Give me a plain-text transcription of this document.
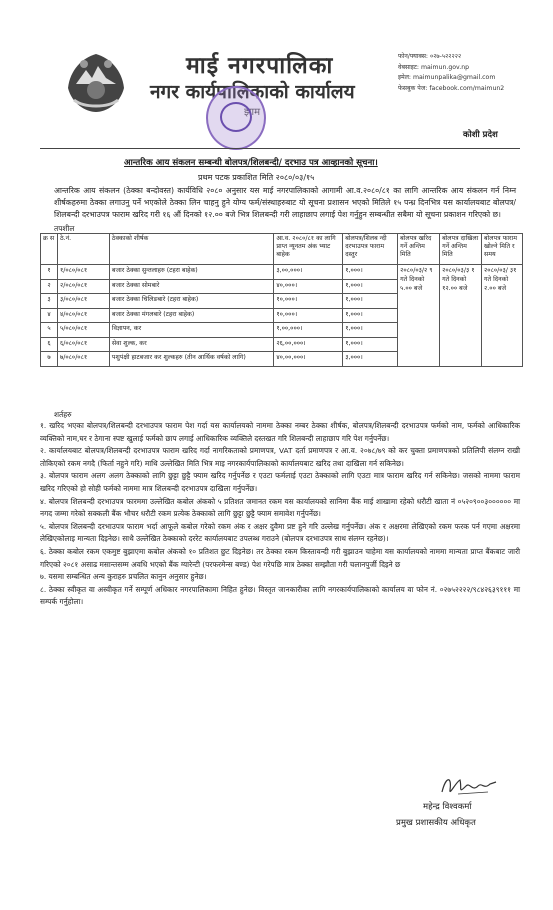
माई नगरपालिका
नगर कार्यपालिकाको कार्यालय
झाम
फोन/फ्याक्स: ०२७-५२२२२२
वेबसाइट: maimun.gov.np
इमेल: maimunpalika@gmail.com
फेसबुक पेज: facebook.com/maimun2
कोशी प्रदेश
आन्तरिक आय संकलन सम्बन्धी बोलपत्र/शिलबन्दी/ दरभाउ पत्र आव्हानको सूचना।
प्रथम पटक प्रकाशित मिति २०८०/०३/१५
आन्तरिक आय संकलन (ठेक्का बन्दोवस्त) कार्यविधि २०८० अनुसार यस माई नगरपालिकाको आगामी आ.व.२०८०/८१ का लागि आन्तरिक आय संकलन गर्न निम्न शीर्षकहरुमा ठेक्का लगाउनु पर्ने भएकोले ठेक्का लिन चाहनु हुने योग्य फर्म/संस्थाहरुबाट यो सूचना प्रशासन भएको मितिले १५ पन्ध्र दिनभित्र यस कार्यालयबाट बोलपत्र/शिलबन्दी दरभाउपत्र फाराम खरिद गरी १६ औं दिनको १२.०० बजे भित्र शिलबन्दी गरी लाहाछाप लगाई पेश गर्नुहुन सम्बन्धीत सबैमा यो सूचना प्रकाशन गरिएको छ।
तपशील
क्र स	ठे.नं.	ठेक्काको शीर्षक	आ.व. २०८०/८१ का लागि प्राप्त न्यूनतम अंक भ्याट बाहेक	बोलपत्र/शिलब न्दी दरभाउपत्र फाराम दस्तुर	बोलपत्र खरिद गर्ने अन्तिम मिति	बोलपत्र दाखिला गर्ने अन्तिम मिति	बोलपत्र फाराम खोल्ने मिति र समय
१	१/०८०/०८१	बजार ठेक्का सुन्तलाहरु (टहरा बाहेक)	३,००,०००।	१,०००।	२०८०/०३/२ ९ गते दिनको ५.०० बजे	२०८०/०३/३ १ गते दिनको १२.०० बजे	२०८०/०३/ ३१ गते दिनको २.०० बजे
२	२/०८०/०८१	बजार ठेक्का सोमबारे	४०,०००।	१,०००।			
३	३/०८०/०८१	बजार ठेक्का चिलिङबारे (टहरा बाहेक)	१०,०००।	१,०००।			
४	४/०८०/०८१	बजार ठेक्का मंगलबारे (टहरा बाहेक)	१०,०००।	१,०००।			
५	५/०८०/०८१	विज्ञापन, कर	१,००,०००।	१,०००।			
६	६/०८०/०८१	सेवा शुल्क, कर	२६,००,०००।	१,०००।			
७	७/०८०/०८१	पशुपंक्षी हाटबजार कर शुल्कहरु (तीन आर्थिक वर्षको लागि)	४०,००,०००।	३,०००।			
शर्तहरु

१. खरिद भएका बोलपत्र/शिलबन्दी दरभाउपत्र फाराम पेश गर्दा यस कार्यालयको नाममा ठेक्का नम्बर ठेक्का शीर्षक, बोलपत्र/शिलबन्दी दरभाउपत्र फर्मको नाम, फर्मको आधिकारिक व्यक्तिको नाम,घर र ठेगाना स्पष्ट खुलाई फर्मको छाप लगाई आधिकारिक व्यक्तिले दस्तखत गरि शिलबन्दी लाहाछाप गरि पेश गर्नुपर्नेछ।

२. कार्यालयबाट बोलपत्र/शिलबन्दी दरभाउपत्र फाराम खरिद गर्दा नागरिकताको प्रमाणपत्र, VAT दर्ता प्रमाणपत्र र आ.व. २०७८/७९ को कर चुक्ता प्रमाणपत्रको प्रतिलिपी संलग्न राखी तोकिएको रकम नगदै (फिर्ता नहुने गरि) माथि उल्लेखित मिति भित्र माइ नगरकार्यपालिकाको कार्यालयबाट खरिद तथा दाखिला गर्न सकिनेछ।

३. बोलपत्र फाराम अलग अलग ठेक्काको लागि छुट्टा छुट्टै फ्याम खरिद गर्नुपर्नेछ र एउटा फर्मलाई एउटा ठेक्काको लागि एउटा मात्र फाराम खरिद गर्न सकिनेछ। जसको नाममा फाराम खरिद गरिएको हो सोही फर्मको नाममा मात्र शिलबन्दी दरभाउपत्र दाखिला गर्नुपर्नेछ।

४. बोलपत्र शिलबन्दी दरभाउपत्र फारममा उल्लेखित कबोल अंकको ५ प्रतिशत जमानत रकम यस कार्यालयको सानिमा बैंक माई शाखामा रहेको धरौटी खाता नं ०५२०९००३०००००० मा नगद जम्मा गरेको सक्कली बैंक भौचर धरौटी रकम प्रत्येक ठेक्काको लागि छुट्टा छुट्टै फ्याम समावेश गर्नुपर्नेछ।

५. बोलपत्र शिलबन्दी दरभाउपत्र फाराम भर्दा आफूले कबोल गरेको रकम अंक र अक्षर दुवैमा प्रष्ट हुने गरि उल्लेख गर्नुपर्नेछ। अंक र अक्षरमा लेखिएको रकम फरक पर्न गएमा अक्षरमा लेखिएकोलाइ मान्यता दिइनेछ। साथै उल्लेखित ठेक्काको दररेट कार्यालयबाट उपलब्ध गराउने (बोलपत्र दरभाउपत्र साथ संलग्न रहनेछ)।

६. ठेक्का कबोल रकम एकमुष्ट बुझाएमा कबोल अंकको १० प्रतिशत छुट दिइनेछ। तर ठेक्का रकम किस्तावन्दी गरी बुझाउन चाहेमा यस कार्यालयको नाममा मान्यता प्राप्त बैंकबाट जारी गरिएको २०८१ असाढ मसान्तसम्म अवधि भएको बैंक ग्यारेन्टी (परफरमेन्स बण्ड) पेश गरेपछि मात्र ठेक्का सम्झौता गरी चलानपुर्जी दिइने छ

७. यसमा सम्बन्धित अन्य कुराहरु प्रचलित कानुन अनुसार हुनेछ।

८. ठेक्का स्वीकृत वा अस्वीकृत गर्ने सम्पूर्ण अधिकार नगरपालिकामा निहित हुनेछ। विस्तृत जानकारीका लागि नगरकार्यपालिकाको कार्यालय वा फोन नं. ०२७५२२२२/९८४२६३९१११ मा सम्पर्क गर्नुहोला।

महेन्द्र विश्वकर्मा
प्रमुख प्रशासकीय अधिकृत
